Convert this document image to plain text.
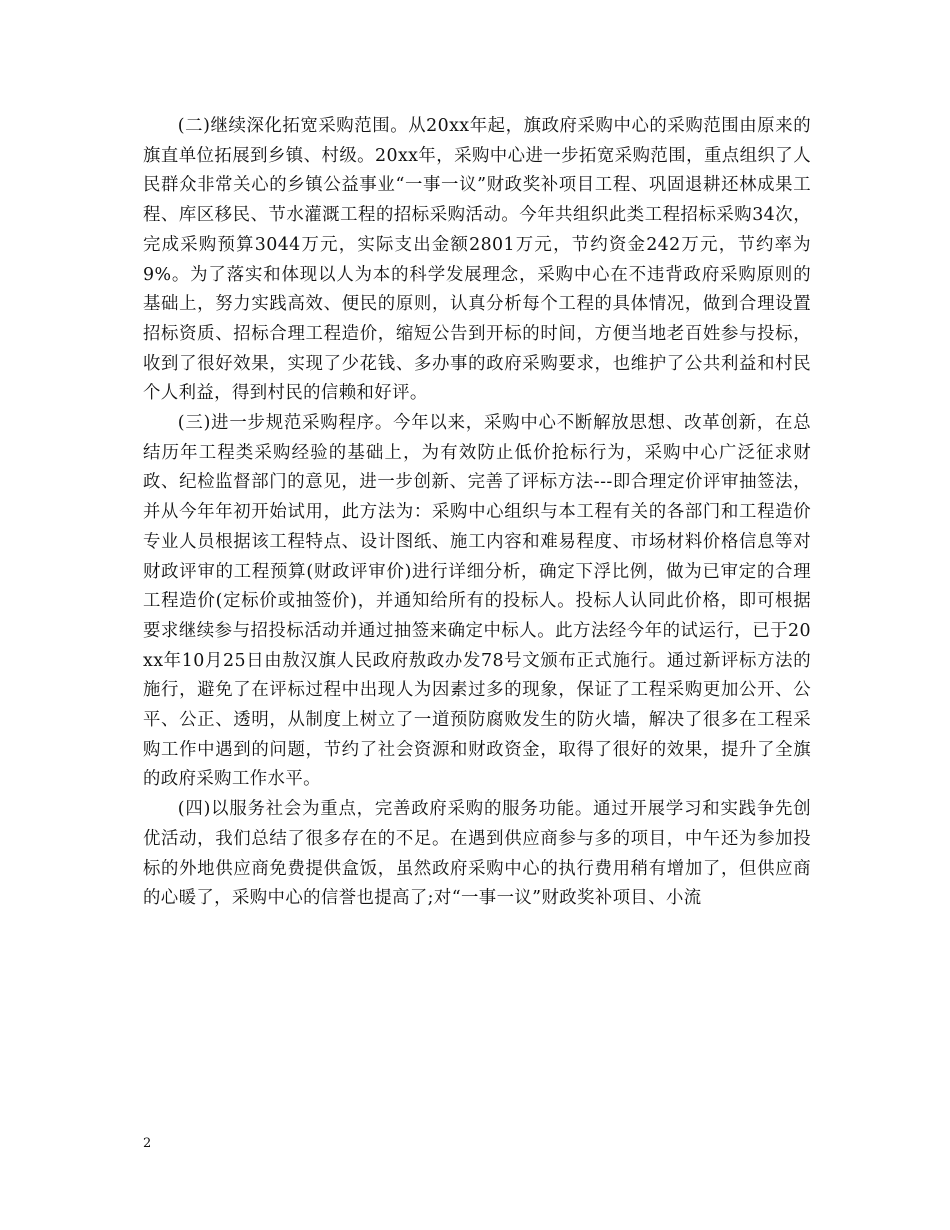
(二)继续深化拓宽采购范围。从20xx年起，旗政府采购中心的采购范围由原来的旗直单位拓展到乡镇、村级。20xx年，采购中心进一步拓宽采购范围，重点组织了人民群众非常关心的乡镇公益事业“一事一议”财政奖补项目工程、巩固退耕还林成果工程、库区移民、节水灌溉工程的招标采购活动。今年共组织此类工程招标采购34次，完成采购预算3044万元，实际支出金额2801万元，节约资金242万元，节约率为9%。为了落实和体现以人为本的科学发展理念，采购中心在不违背政府采购原则的基础上，努力实践高效、便民的原则，认真分析每个工程的具体情况，做到合理设置招标资质、招标合理工程造价，缩短公告到开标的时间，方便当地老百姓参与投标，收到了很好效果，实现了少花钱、多办事的政府采购要求，也维护了公共利益和村民个人利益，得到村民的信赖和好评。

(三)进一步规范采购程序。今年以来，采购中心不断解放思想、改革创新，在总结历年工程类采购经验的基础上，为有效防止低价抢标行为，采购中心广泛征求财政、纪检监督部门的意见，进一步创新、完善了评标方法---即合理定价评审抽签法，并从今年年初开始试用，此方法为：采购中心组织与本工程有关的各部门和工程造价专业人员根据该工程特点、设计图纸、施工内容和难易程度、市场材料价格信息等对财政评审的工程预算(财政评审价)进行详细分析，确定下浮比例，做为已审定的合理工程造价(定标价或抽签价)，并通知给所有的投标人。投标人认同此价格，即可根据要求继续参与招投标活动并通过抽签来确定中标人。此方法经今年的试运行，已于20xx年10月25日由敖汉旗人民政府敖政办发78号文颁布正式施行。通过新评标方法的施行，避免了在评标过程中出现人为因素过多的现象，保证了工程采购更加公开、公平、公正、透明，从制度上树立了一道预防腐败发生的防火墙，解决了很多在工程采购工作中遇到的问题，节约了社会资源和财政资金，取得了很好的效果，提升了全旗的政府采购工作水平。

(四)以服务社会为重点，完善政府采购的服务功能。通过开展学习和实践争先创优活动，我们总结了很多存在的不足。在遇到供应商参与多的项目，中午还为参加投标的外地供应商免费提供盒饭，虽然政府采购中心的执行费用稍有增加了，但供应商的心暖了，采购中心的信誉也提高了;对“一事一议”财政奖补项目、小流

2
